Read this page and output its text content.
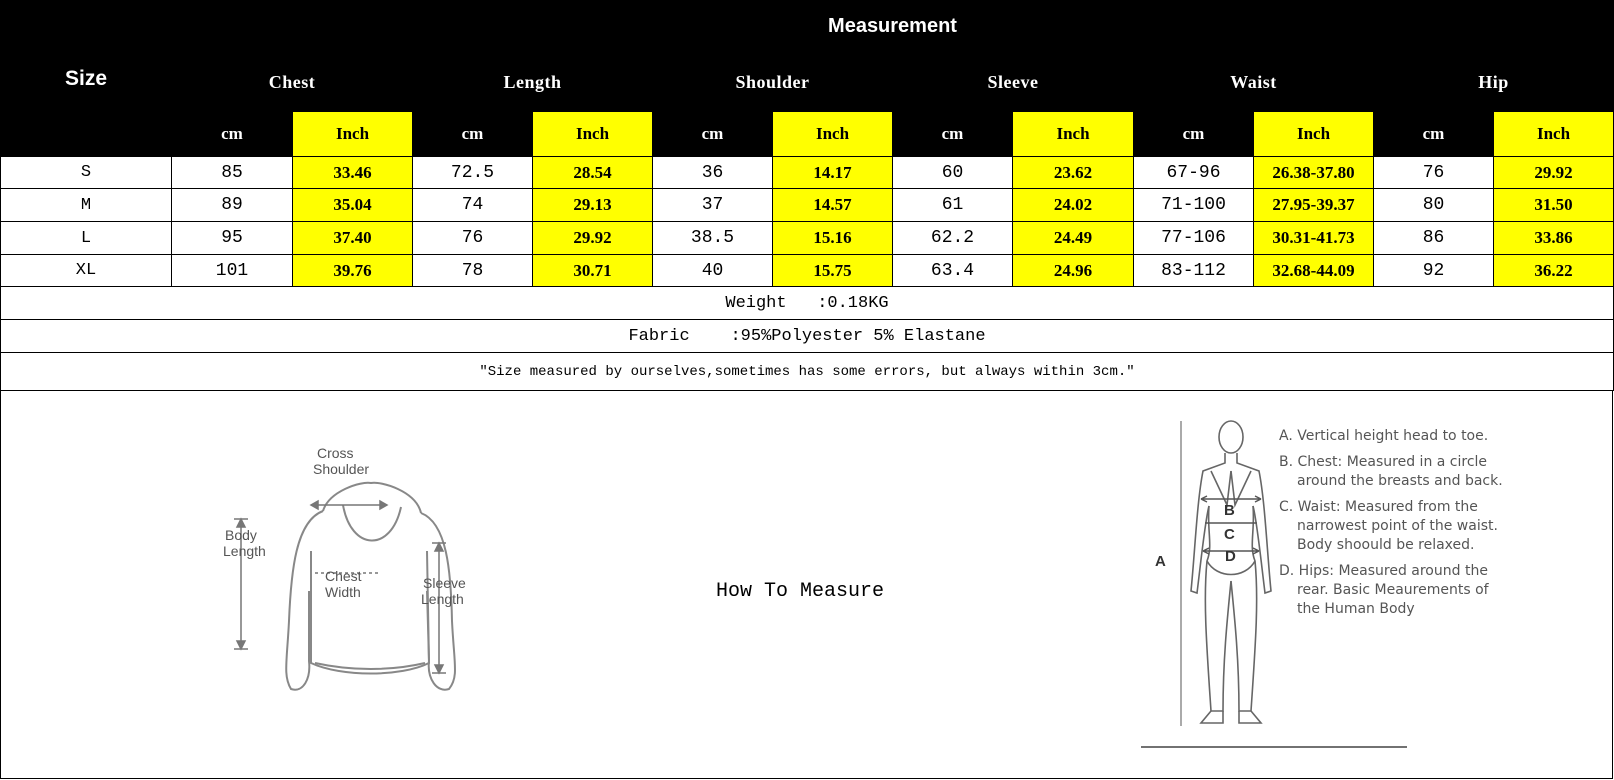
Size	Measurement											
	Chest		Length		Shoulder		Sleeve		Waist		Hip	
	cm	Inch	cm	Inch	cm	Inch	cm	Inch	cm	Inch	cm	Inch
S	85	33.46	72.5	28.54	36	14.17	60	23.62	67-96	26.38-37.80	76	29.92
M	89	35.04	74	29.13	37	14.57	61	24.02	71-100	27.95-39.37	80	31.50
L	95	37.40	76	29.92	38.5	15.16	62.2	24.49	77-106	30.31-41.73	86	33.86
XL	101	39.76	78	30.71	40	15.75	63.4	24.96	83-112	32.68-44.09	92	36.22
Weight :0.18KG												
Fabric :95%Polyester 5% Elastane												
"Size measured by ourselves,sometimes has some errors, but always within 3cm."												
Cross
Shoulder
Body
Length
Chest
Width
Sleeve
Length	How To Measure
B
C
D
A
A. Vertical height head to toe.
B. Chest: Measured in a circle around the breasts and back.
C. Waist: Measured from the narrowest point of the waist. Body shoould be relaxed.
D. Hips: Measured around the rear. Basic Meaurements of the Human Body
